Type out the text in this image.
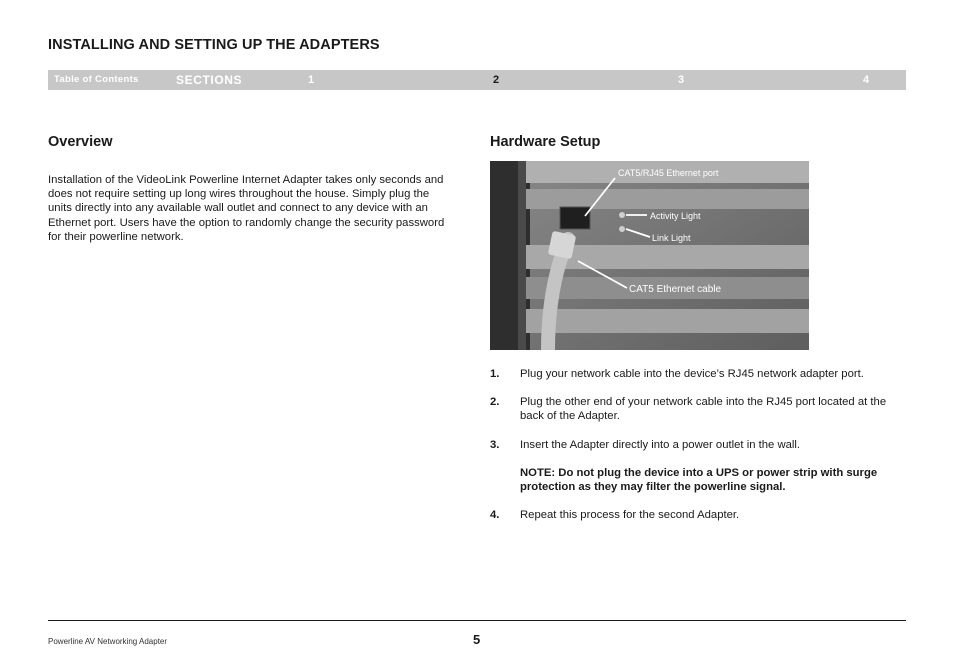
INSTALLING AND SETTING UP THE ADAPTERS
Table of Contents	SECTIONS	1	2	3	4
Overview

Installation of the VideoLink Powerline Internet Adapter takes only seconds and does not require setting up long wires throughout the house. Simply plug the units directly into any available wall outlet and connect to any device with an Ethernet port. Users have the option to randomly change the security password for their powerline network.

Hardware Setup
CAT5/RJ45 Ethernet port
Activity Light
Link Light
CAT5 Ethernet cable
1. Plug your network cable into the device’s RJ45 network adapter port.
2. Plug the other end of your network cable into the RJ45 port located at the back of the Adapter.
3. Insert the Adapter directly into a power outlet in the wall.
NOTE: Do not plug the device into a UPS or power strip with surge protection as they may filter the powerline signal.
4. Repeat this process for the second Adapter.
Powerline AV Networking Adapter	5
